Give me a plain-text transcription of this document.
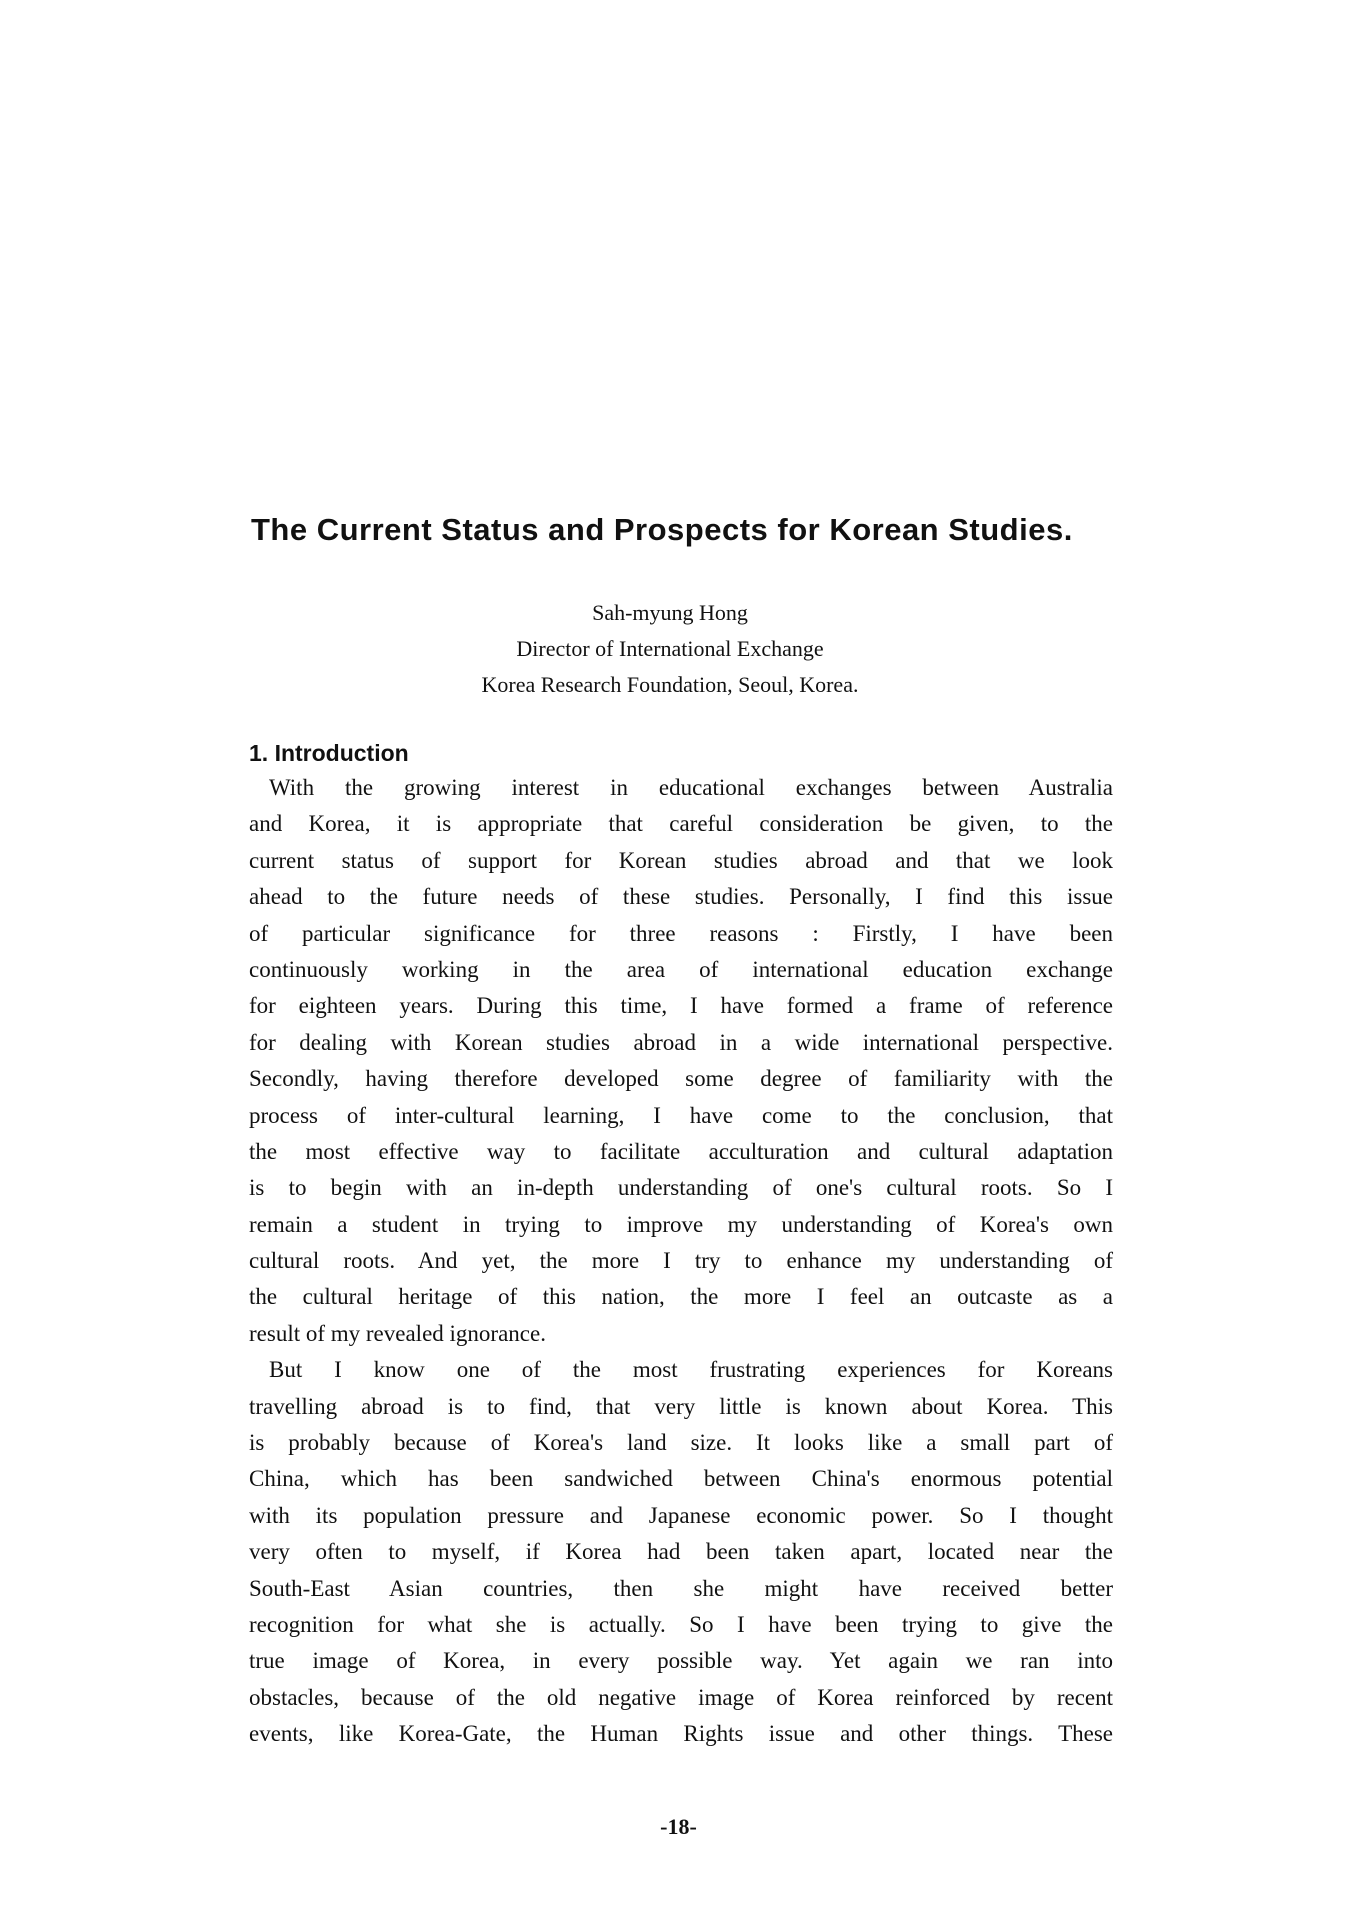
The Current Status and Prospects for Korean Studies.
Sah-myung Hong
Director of International Exchange
Korea Research Foundation, Seoul, Korea.
1. Introduction
With the growing interest in educational exchanges between Australia
and Korea, it is appropriate that careful consideration be given, to the
current status of support for Korean studies abroad and that we look
ahead to the future needs of these studies. Personally, I find this issue
of particular significance for three reasons : Firstly, I have been
continuously working in the area of international education exchange
for eighteen years. During this time, I have formed a frame of reference
for dealing with Korean studies abroad in a wide international perspective.
Secondly, having therefore developed some degree of familiarity with the
process of inter-cultural learning, I have come to the conclusion, that
the most effective way to facilitate acculturation and cultural adaptation
is to begin with an in-depth understanding of one's cultural roots. So I
remain a student in trying to improve my understanding of Korea's own
cultural roots. And yet, the more I try to enhance my understanding of
the cultural heritage of this nation, the more I feel an outcaste as a
result of my revealed ignorance.
But I know one of the most frustrating experiences for Koreans
travelling abroad is to find, that very little is known about Korea. This
is probably because of Korea's land size. It looks like a small part of
China, which has been sandwiched between China's enormous potential
with its population pressure and Japanese economic power. So I thought
very often to myself, if Korea had been taken apart, located near the
South-East Asian countries, then she might have received better
recognition for what she is actually. So I have been trying to give the
true image of Korea, in every possible way. Yet again we ran into
obstacles, because of the old negative image of Korea reinforced by recent
events, like Korea-Gate, the Human Rights issue and other things. These
-18-
